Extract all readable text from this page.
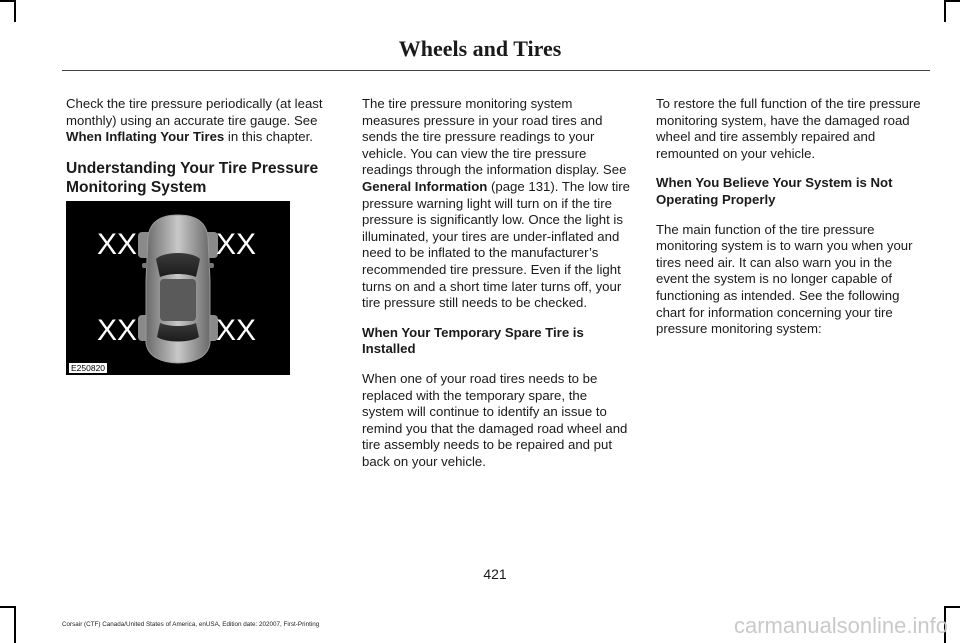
Wheels and Tires

Check the tire pressure periodically (at least monthly) using an accurate tire gauge. See When Inflating Your Tires in this chapter.

Understanding Your Tire Pressure Monitoring System
XX	XX
XX	XX
E250820

The tire pressure monitoring system measures pressure in your road tires and sends the tire pressure readings to your vehicle. You can view the tire pressure readings through the information display. See General Information (page 131). The low tire pressure warning light will turn on if the tire pressure is significantly low. Once the light is illuminated, your tires are under-inflated and need to be inflated to the manufacturer’s recommended tire pressure. Even if the light turns on and a short time later turns off, your tire pressure still needs to be checked.

When Your Temporary Spare Tire is Installed

When one of your road tires needs to be replaced with the temporary spare, the system will continue to identify an issue to remind you that the damaged road wheel and tire assembly needs to be repaired and put back on your vehicle.

To restore the full function of the tire pressure monitoring system, have the damaged road wheel and tire assembly repaired and remounted on your vehicle.

When You Believe Your System is Not Operating Properly

The main function of the tire pressure monitoring system is to warn you when your tires need air. It can also warn you in the event the system is no longer capable of functioning as intended. See the following chart for information concerning your tire pressure monitoring system:

421
Corsair (CTF) Canada/United States of America, enUSA, Edition date: 202007, First-Printing	carmanualsonline.info
